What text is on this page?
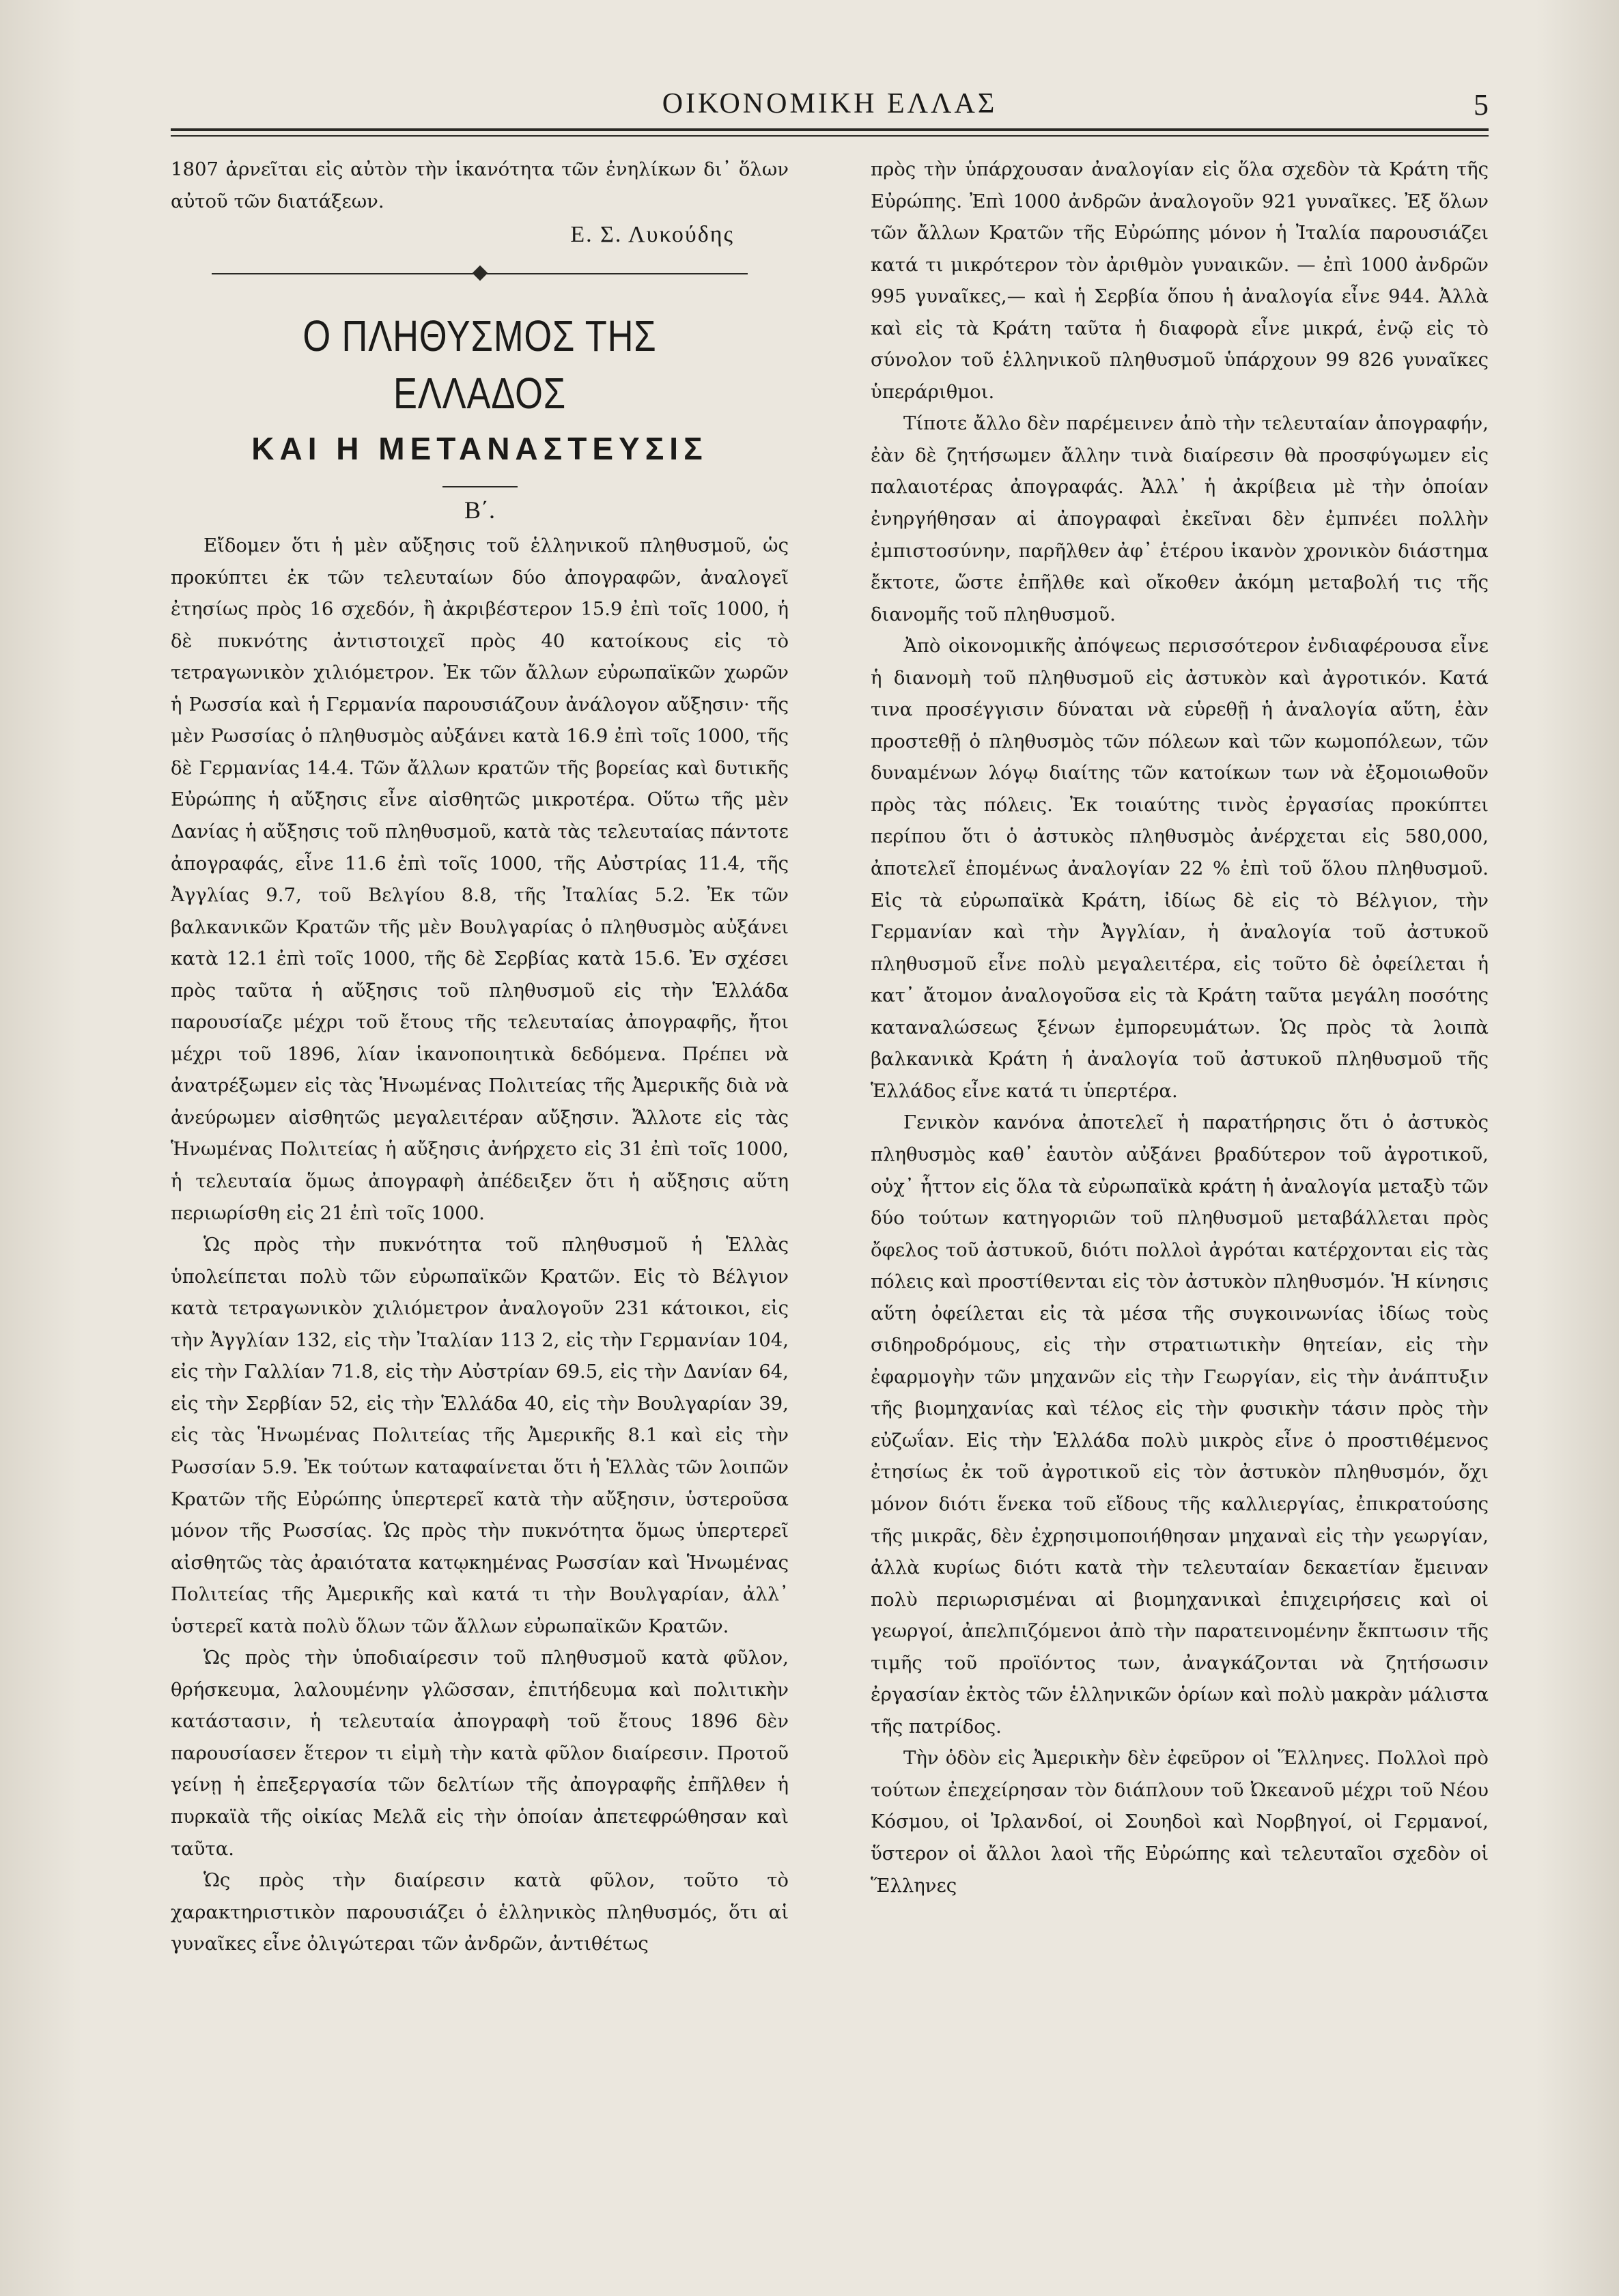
ΟΙΚΟΝΟΜΙΚΗ ΕΛΛΑΣ	5

1807 ἀρνεῖται εἰς αὐτὸν τὴν ἱκανότητα τῶν ἐνηλίκων δι᾽ ὅλων αὐτοῦ τῶν διατάξεων.

Ε. Σ. Λυκούδης
Ο ΠΛΗΘΥΣΜΟΣ ΤΗΣ ΕΛΛΑΔΟΣ
ΚΑΙ Η ΜΕΤΑΝΑΣΤΕΥΣΙΣ
Β΄.

Εἴδομεν ὅτι ἡ μὲν αὔξησις τοῦ ἑλληνικοῦ πληθυσμοῦ, ὡς προκύπτει ἐκ τῶν τελευταίων δύο ἀπογραφῶν, ἀναλογεῖ ἐτησίως πρὸς 16 σχεδόν, ἢ ἀκριβέστερον 15.9 ἐπὶ τοῖς 1000, ἡ δὲ πυκνότης ἀντιστοιχεῖ πρὸς 40 κατοίκους εἰς τὸ τετραγωνικὸν χιλιόμετρον. Ἐκ τῶν ἄλλων εὐρωπαϊκῶν χωρῶν ἡ Ρωσσία καὶ ἡ Γερμανία παρουσιάζουν ἀνάλογον αὔξησιν· τῆς μὲν Ρωσσίας ὁ πληθυσμὸς αὐξάνει κατὰ 16.9 ἐπὶ τοῖς 1000, τῆς δὲ Γερμανίας 14.4. Τῶν ἄλλων κρατῶν τῆς βορείας καὶ δυτικῆς Εὐρώπης ἡ αὔξησις εἶνε αἰσθητῶς μικροτέρα. Οὕτω τῆς μὲν Δανίας ἡ αὔξησις τοῦ πληθυσμοῦ, κατὰ τὰς τελευταίας πάντοτε ἀπογραφάς, εἶνε 11.6 ἐπὶ τοῖς 1000, τῆς Αὐστρίας 11.4, τῆς Ἀγγλίας 9.7, τοῦ Βελγίου 8.8, τῆς Ἰταλίας 5.2. Ἐκ τῶν βαλκανικῶν Κρατῶν τῆς μὲν Βουλγαρίας ὁ πληθυσμὸς αὐξάνει κατὰ 12.1 ἐπὶ τοῖς 1000, τῆς δὲ Σερβίας κατὰ 15.6. Ἐν σχέσει πρὸς ταῦτα ἡ αὔξησις τοῦ πληθυσμοῦ εἰς τὴν Ἑλλάδα παρουσίαζε μέχρι τοῦ ἔτους τῆς τελευταίας ἀπογραφῆς, ἤτοι μέχρι τοῦ 1896, λίαν ἱκανοποιητικὰ δεδόμενα. Πρέπει νὰ ἀνατρέξωμεν εἰς τὰς Ἡνωμένας Πολιτείας τῆς Ἀμερικῆς διὰ νὰ ἀνεύρωμεν αἰσθητῶς μεγαλειτέραν αὔξησιν. Ἄλλοτε εἰς τὰς Ἡνωμένας Πολιτείας ἡ αὔξησις ἀνήρχετο εἰς 31 ἐπὶ τοῖς 1000, ἡ τελευταία ὅμως ἀπογραφὴ ἀπέδειξεν ὅτι ἡ αὔξησις αὕτη περιωρίσθη εἰς 21 ἐπὶ τοῖς 1000.

Ὡς πρὸς τὴν πυκνότητα τοῦ πληθυσμοῦ ἡ Ἑλλὰς ὑπολείπεται πολὺ τῶν εὐρωπαϊκῶν Κρατῶν. Εἰς τὸ Βέλγιον κατὰ τετραγωνικὸν χιλιόμετρον ἀναλογοῦν 231 κάτοικοι, εἰς τὴν Ἀγγλίαν 132, εἰς τὴν Ἰταλίαν 113 2, εἰς τὴν Γερμανίαν 104, εἰς τὴν Γαλλίαν 71.8, εἰς τὴν Αὐστρίαν 69.5, εἰς τὴν Δανίαν 64, εἰς τὴν Σερβίαν 52, εἰς τὴν Ἑλλάδα 40, εἰς τὴν Βουλγαρίαν 39, εἰς τὰς Ἡνωμένας Πολιτείας τῆς Ἀμερικῆς 8.1 καὶ εἰς τὴν Ρωσσίαν 5.9. Ἐκ τούτων καταφαίνεται ὅτι ἡ Ἑλλὰς τῶν λοιπῶν Κρατῶν τῆς Εὐρώπης ὑπερτερεῖ κατὰ τὴν αὔξησιν, ὑστεροῦσα μόνον τῆς Ρωσσίας. Ὡς πρὸς τὴν πυκνότητα ὅμως ὑπερτερεῖ αἰσθητῶς τὰς ἀραιότατα κατῳκημένας Ρωσσίαν καὶ Ἡνωμένας Πολιτείας τῆς Ἀμερικῆς καὶ κατά τι τὴν Βουλγαρίαν, ἀλλ᾽ ὑστερεῖ κατὰ πολὺ ὅλων τῶν ἄλλων εὐρωπαϊκῶν Κρατῶν.

Ὡς πρὸς τὴν ὑποδιαίρεσιν τοῦ πληθυσμοῦ κατὰ φῦλον, θρήσκευμα, λαλουμένην γλῶσσαν, ἐπιτήδευμα καὶ πολιτικὴν κατάστασιν, ἡ τελευταία ἀπογραφὴ τοῦ ἔτους 1896 δὲν παρουσίασεν ἕτερον τι εἰμὴ τὴν κατὰ φῦλον διαίρεσιν. Προτοῦ γείνῃ ἡ ἐπεξεργασία τῶν δελτίων τῆς ἀπογραφῆς ἐπῆλθεν ἡ πυρκαϊὰ τῆς οἰκίας Μελᾶ εἰς τὴν ὁποίαν ἀπετεφρώθησαν καὶ ταῦτα.

Ὡς πρὸς τὴν διαίρεσιν κατὰ φῦλον, τοῦτο τὸ χαρακτηριστικὸν παρουσιάζει ὁ ἑλληνικὸς πληθυσμός, ὅτι αἱ γυναῖκες εἶνε ὀλιγώτεραι τῶν ἀνδρῶν, ἀντιθέτως

πρὸς τὴν ὑπάρχουσαν ἀναλογίαν εἰς ὅλα σχεδὸν τὰ Κράτη τῆς Εὐρώπης. Ἐπὶ 1000 ἀνδρῶν ἀναλογοῦν 921 γυναῖκες. Ἐξ ὅλων τῶν ἄλλων Κρατῶν τῆς Εὐρώπης μόνον ἡ Ἰταλία παρουσιάζει κατά τι μικρότερον τὸν ἀριθμὸν γυναικῶν. — ἐπὶ 1000 ἀνδρῶν 995 γυναῖκες,— καὶ ἡ Σερβία ὅπου ἡ ἀναλογία εἶνε 944. Ἀλλὰ καὶ εἰς τὰ Κράτη ταῦτα ἡ διαφορὰ εἶνε μικρά, ἐνῷ εἰς τὸ σύνολον τοῦ ἑλληνικοῦ πληθυσμοῦ ὑπάρχουν 99 826 γυναῖκες ὑπεράριθμοι.

Τίποτε ἄλλο δὲν παρέμεινεν ἀπὸ τὴν τελευταίαν ἀπογραφήν, ἐὰν δὲ ζητήσωμεν ἄλλην τινὰ διαίρεσιν θὰ προσφύγωμεν εἰς παλαιοτέρας ἀπογραφάς. Ἀλλ᾽ ἡ ἀκρίβεια μὲ τὴν ὁποίαν ἐνηργήθησαν αἱ ἀπογραφαὶ ἐκεῖναι δὲν ἐμπνέει πολλὴν ἐμπιστοσύνην, παρῆλθεν ἀφ᾽ ἑτέρου ἱκανὸν χρονικὸν διάστημα ἔκτοτε, ὥστε ἐπῆλθε καὶ οἴκοθεν ἀκόμη μεταβολή τις τῆς διανομῆς τοῦ πληθυσμοῦ.

Ἀπὸ οἰκονομικῆς ἀπόψεως περισσότερον ἐνδιαφέρουσα εἶνε ἡ διανομὴ τοῦ πληθυσμοῦ εἰς ἀστυκὸν καὶ ἀγροτικόν. Κατά τινα προσέγγισιν δύναται νὰ εὑρεθῇ ἡ ἀναλογία αὕτη, ἐὰν προστεθῇ ὁ πληθυσμὸς τῶν πόλεων καὶ τῶν κωμοπόλεων, τῶν δυναμένων λόγῳ διαίτης τῶν κατοίκων των νὰ ἐξομοιωθοῦν πρὸς τὰς πόλεις. Ἐκ τοιαύτης τινὸς ἐργασίας προκύπτει περίπου ὅτι ὁ ἀστυκὸς πληθυσμὸς ἀνέρχεται εἰς 580,000, ἀποτελεῖ ἑπομένως ἀναλογίαν 22 % ἐπὶ τοῦ ὅλου πληθυσμοῦ. Εἰς τὰ εὐρωπαϊκὰ Κράτη, ἰδίως δὲ εἰς τὸ Βέλγιον, τὴν Γερμανίαν καὶ τὴν Ἀγγλίαν, ἡ ἀναλογία τοῦ ἀστυκοῦ πληθυσμοῦ εἶνε πολὺ μεγαλειτέρα, εἰς τοῦτο δὲ ὀφείλεται ἡ κατ᾽ ἄτομον ἀναλογοῦσα εἰς τὰ Κράτη ταῦτα μεγάλη ποσότης καταναλώσεως ξένων ἐμπορευμάτων. Ὡς πρὸς τὰ λοιπὰ βαλκανικὰ Κράτη ἡ ἀναλογία τοῦ ἀστυκοῦ πληθυσμοῦ τῆς Ἑλλάδος εἶνε κατά τι ὑπερτέρα.

Γενικὸν κανόνα ἀποτελεῖ ἡ παρατήρησις ὅτι ὁ ἀστυκὸς πληθυσμὸς καθ᾽ ἑαυτὸν αὐξάνει βραδύτερον τοῦ ἀγροτικοῦ, οὐχ᾽ ἧττον εἰς ὅλα τὰ εὐρωπαϊκὰ κράτη ἡ ἀναλογία μεταξὺ τῶν δύο τούτων κατηγοριῶν τοῦ πληθυσμοῦ μεταβάλλεται πρὸς ὄφελος τοῦ ἀστυκοῦ, διότι πολλοὶ ἀγρόται κατέρχονται εἰς τὰς πόλεις καὶ προστίθενται εἰς τὸν ἀστυκὸν πληθυσμόν. Ἡ κίνησις αὕτη ὀφείλεται εἰς τὰ μέσα τῆς συγκοινωνίας ἰδίως τοὺς σιδηροδρόμους, εἰς τὴν στρατιωτικὴν θητείαν, εἰς τὴν ἐφαρμογὴν τῶν μηχανῶν εἰς τὴν Γεωργίαν, εἰς τὴν ἀνάπτυξιν τῆς βιομηχανίας καὶ τέλος εἰς τὴν φυσικὴν τάσιν πρὸς τὴν εὐζωΐαν. Εἰς τὴν Ἑλλάδα πολὺ μικρὸς εἶνε ὁ προστιθέμενος ἐτησίως ἐκ τοῦ ἀγροτικοῦ εἰς τὸν ἀστυκὸν πληθυσμόν, ὄχι μόνον διότι ἕνεκα τοῦ εἴδους τῆς καλλιεργίας, ἐπικρατούσης τῆς μικρᾶς, δὲν ἐχρησιμοποιήθησαν μηχαναὶ εἰς τὴν γεωργίαν, ἀλλὰ κυρίως διότι κατὰ τὴν τελευταίαν δεκαετίαν ἔμειναν πολὺ περιωρισμέναι αἱ βιομηχανικαὶ ἐπιχειρήσεις καὶ οἱ γεωργοί, ἀπελπιζόμενοι ἀπὸ τὴν παρατεινομένην ἔκπτωσιν τῆς τιμῆς τοῦ προϊόντος των, ἀναγκάζονται νὰ ζητήσωσιν ἐργασίαν ἐκτὸς τῶν ἑλληνικῶν ὁρίων καὶ πολὺ μακρὰν μάλιστα τῆς πατρίδος.

Τὴν ὁδὸν εἰς Ἀμερικὴν δὲν ἐφεῦρον οἱ Ἕλληνες. Πολλοὶ πρὸ τούτων ἐπεχείρησαν τὸν διάπλουν τοῦ Ὠκεανοῦ μέχρι τοῦ Νέου Κόσμου, οἱ Ἰρλανδοί, οἱ Σουηδοὶ καὶ Νορβηγοί, οἱ Γερμανοί, ὕστερον οἱ ἄλλοι λαοὶ τῆς Εὐρώπης καὶ τελευταῖοι σχεδὸν οἱ Ἕλληνες
